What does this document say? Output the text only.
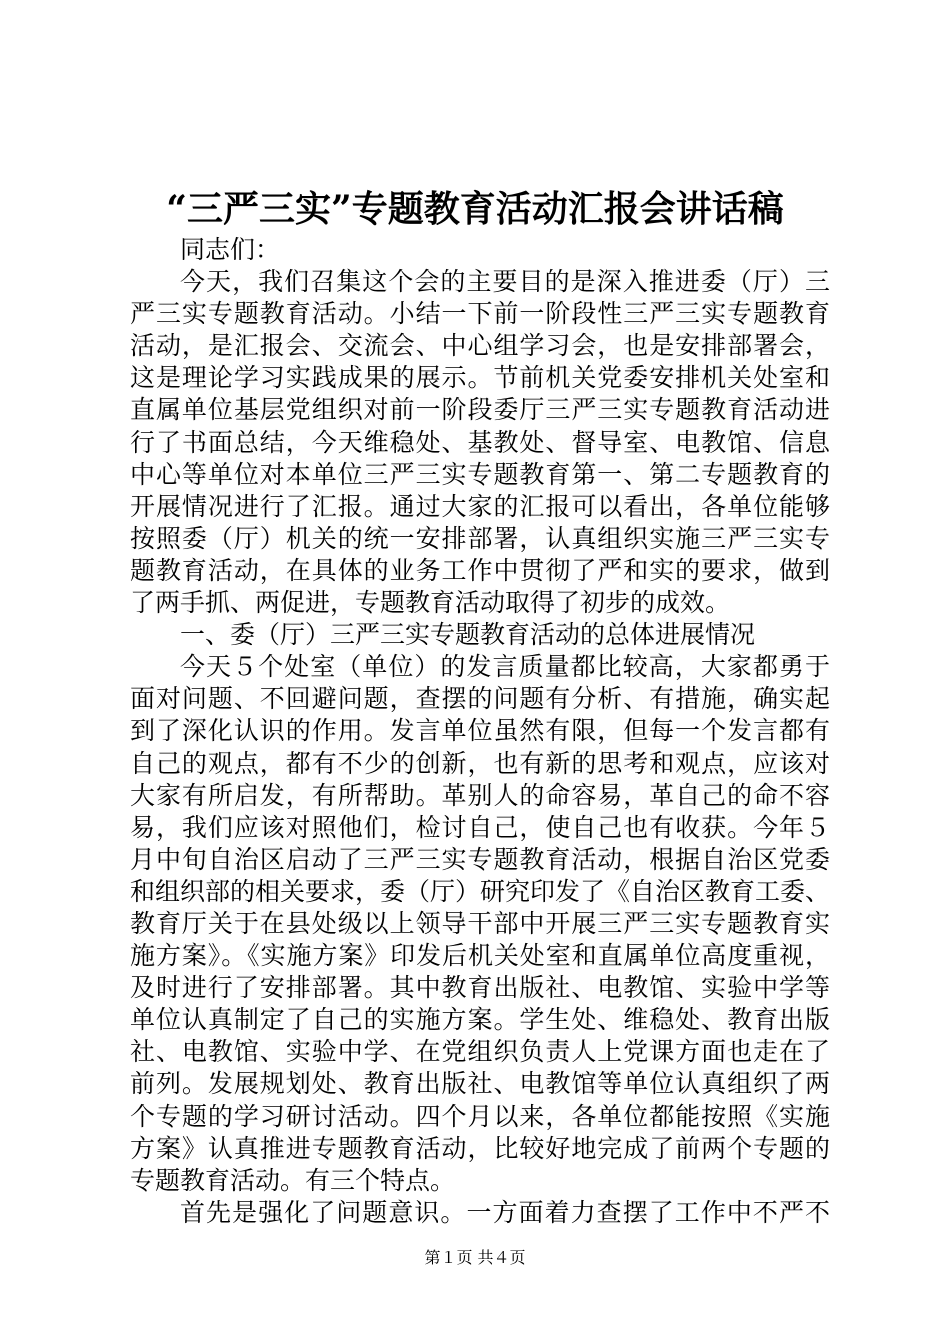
“三严三实”专题教育活动汇报会讲话稿
同志们：
今天，我们召集这个会的主要目的是深入推进委（厅）三
严三实专题教育活动。小结一下前一阶段性三严三实专题教育
活动，是汇报会、交流会、中心组学习会，也是安排部署会，
这是理论学习实践成果的展示。节前机关党委安排机关处室和
直属单位基层党组织对前一阶段委厅三严三实专题教育活动进
行了书面总结，今天维稳处、基教处、督导室、电教馆、信息
中心等单位对本单位三严三实专题教育第一、第二专题教育的
开展情况进行了汇报。通过大家的汇报可以看出，各单位能够
按照委（厅）机关的统一安排部署，认真组织实施三严三实专
题教育活动，在具体的业务工作中贯彻了严和实的要求，做到
了两手抓、两促进，专题教育活动取得了初步的成效。
一、委（厅）三严三实专题教育活动的总体进展情况
今天５个处室（单位）的发言质量都比较高，大家都勇于
面对问题、不回避问题，查摆的问题有分析、有措施，确实起
到了深化认识的作用。发言单位虽然有限，但每一个发言都有
自己的观点，都有不少的创新，也有新的思考和观点，应该对
大家有所启发，有所帮助。革别人的命容易，革自己的命不容
易，我们应该对照他们，检讨自己，使自己也有收获。今年５
月中旬自治区启动了三严三实专题教育活动，根据自治区党委
和组织部的相关要求，委（厅）研究印发了《自治区教育工委、
教育厅关于在县处级以上领导干部中开展三严三实专题教育实
施方案》。《实施方案》印发后机关处室和直属单位高度重视，
及时进行了安排部署。其中教育出版社、电教馆、实验中学等
单位认真制定了自己的实施方案。学生处、维稳处、教育出版
社、电教馆、实验中学、在党组织负责人上党课方面也走在了
前列。发展规划处、教育出版社、电教馆等单位认真组织了两
个专题的学习研讨活动。四个月以来，各单位都能按照《实施
方案》认真推进专题教育活动，比较好地完成了前两个专题的
专题教育活动。有三个特点。
首先是强化了问题意识。一方面着力查摆了工作中不严不
第１页 共４页
